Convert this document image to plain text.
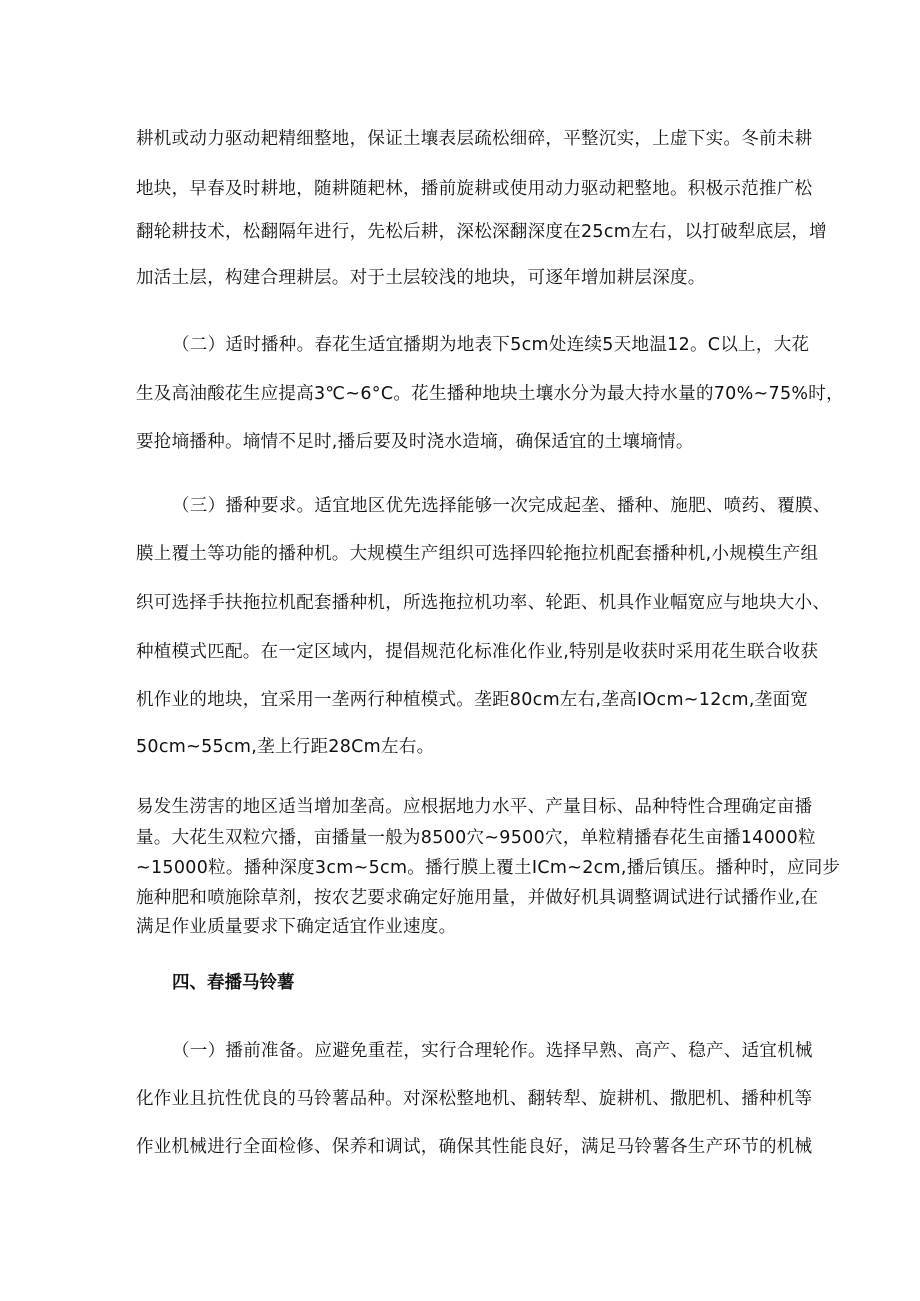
耕机或动力驱动耙精细整地，保证土壤表层疏松细碎，平整沉实，上虚下实。冬前未耕
地块，早春及时耕地，随耕随耙林，播前旋耕或使用动力驱动耙整地。积极示范推广松
翻轮耕技术，松翻隔年进行，先松后耕，深松深翻深度在25cm左右，以打破犁底层，增
加活土层，构建合理耕层。对于土层较浅的地块，可逐年增加耕层深度。
（二）适时播种。春花生适宜播期为地表下5cm处连续5天地温12。C以上，大花
生及高油酸花生应提高3℃~6°C。花生播种地块土壤水分为最大持水量的70%~75%时，
要抢墒播种。墒情不足时,播后要及时浇水造墒，确保适宜的土壤墒情。
（三）播种要求。适宜地区优先选择能够一次完成起垄、播种、施肥、喷药、覆膜、
膜上覆土等功能的播种机。大规模生产组织可选择四轮拖拉机配套播种机,小规模生产组
织可选择手扶拖拉机配套播种机，所选拖拉机功率、轮距、机具作业幅宽应与地块大小、
种植模式匹配。在一定区域内，提倡规范化标准化作业,特别是收获时采用花生联合收获
机作业的地块，宜采用一垄两行种植模式。垄距80cm左右,垄高IOcm~12cm,垄面宽
50cm~55cm,垄上行距28Cm左右。
易发生涝害的地区适当增加垄高。应根据地力水平、产量目标、品种特性合理确定亩播
量。大花生双粒穴播，亩播量一般为8500穴~9500穴，单粒精播春花生亩播14000粒
~15000粒。播种深度3cm~5cm。播行膜上覆土ICm~2cm,播后镇压。播种时，应同步
施种肥和喷施除草剂，按农艺要求确定好施用量，并做好机具调整调试进行试播作业,在
满足作业质量要求下确定适宜作业速度。
四、春播马铃薯
（一）播前准备。应避免重茬，实行合理轮作。选择早熟、高产、稳产、适宜机械
化作业且抗性优良的马铃薯品种。对深松整地机、翻转犁、旋耕机、撒肥机、播种机等
作业机械进行全面检修、保养和调试，确保其性能良好，满足马铃薯各生产环节的机械
